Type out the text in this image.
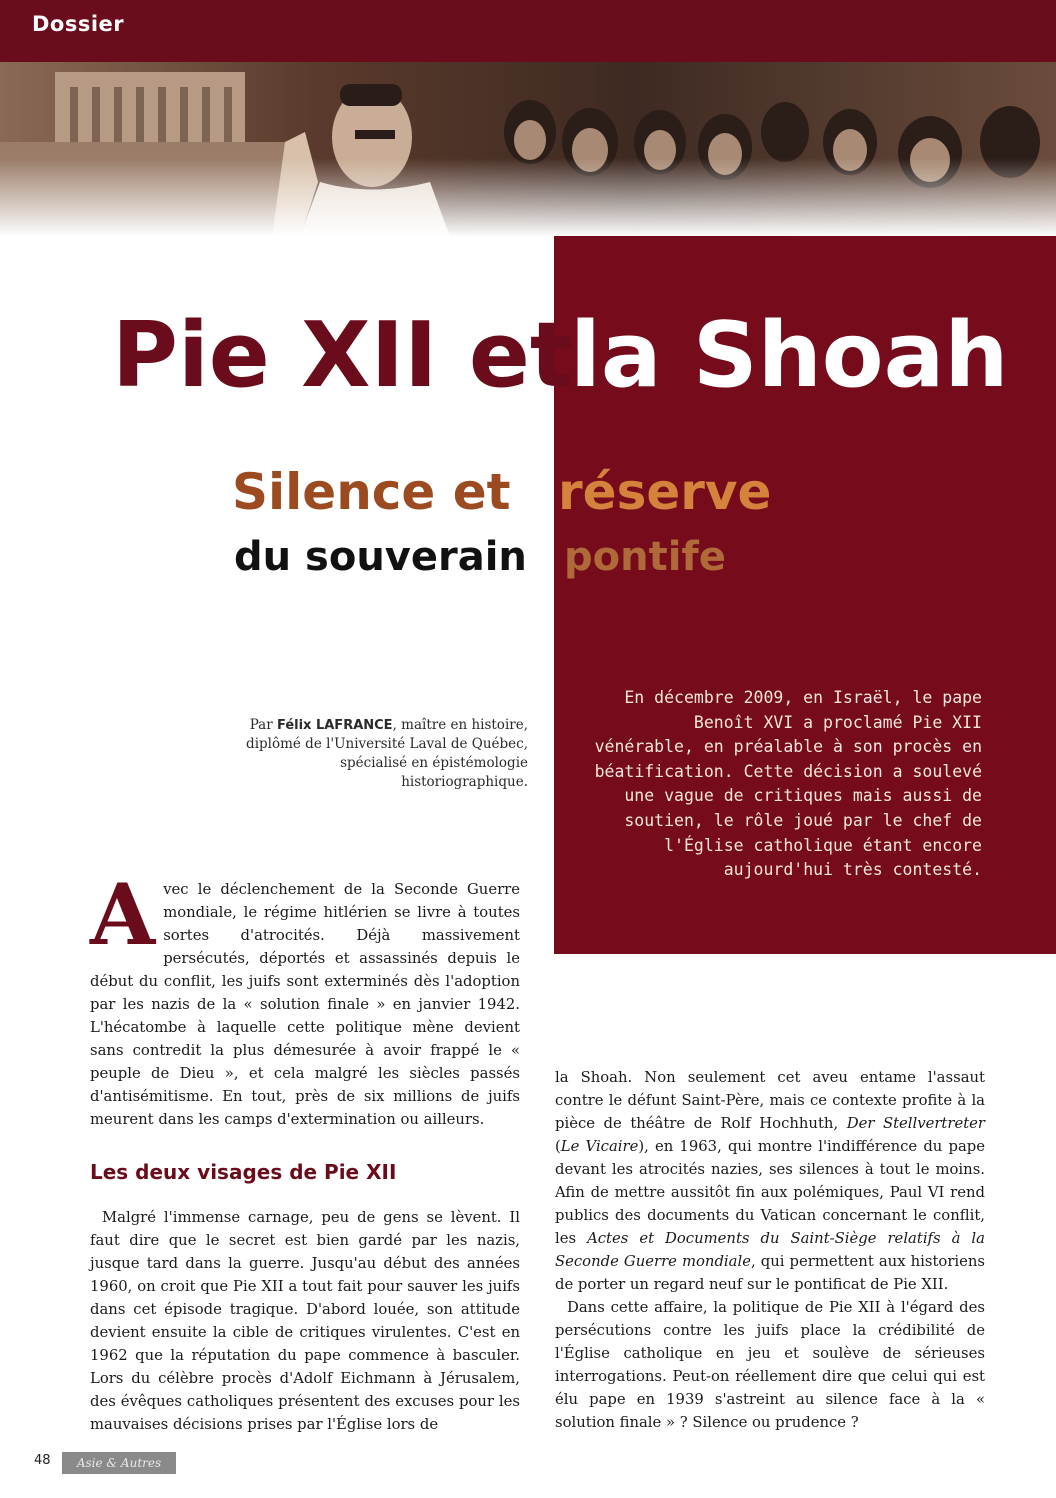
Dossier
Pie XII et
la Shoah
Silence et réserve
du souverain pontife
Par Félix LAFRANCE, maître en histoire, diplômé de l'Université Laval de Québec, spécialisé en épistémologie historiographique.
En décembre 2009, en Israël, le pape Benoît XVI a proclamé Pie XII vénérable, en préalable à son procès en béatification. Cette décision a soulevé une vague de critiques mais aussi de soutien, le rôle joué par le chef de l'Église catholique étant encore aujourd'hui très contesté.

Avec le déclenchement de la Seconde Guerre mondiale, le régime hitlérien se livre à toutes sortes d'atrocités. Déjà massivement persécutés, déportés et assassinés depuis le début du conflit, les juifs sont exterminés dès l'adoption par les nazis de la « solution finale » en janvier 1942. L'hécatombe à laquelle cette politique mène devient sans contredit la plus démesurée à avoir frappé le « peuple de Dieu », et cela malgré les siècles passés d'antisémitisme. En tout, près de six millions de juifs meurent dans les camps d'extermination ou ailleurs.

Les deux visages de Pie XII

Malgré l'immense carnage, peu de gens se lèvent. Il faut dire que le secret est bien gardé par les nazis, jusque tard dans la guerre. Jusqu'au début des années 1960, on croit que Pie XII a tout fait pour sauver les juifs dans cet épisode tragique. D'abord louée, son attitude devient ensuite la cible de critiques virulentes. C'est en 1962 que la réputation du pape commence à basculer. Lors du célèbre procès d'Adolf Eichmann à Jérusalem, des évêques catholiques présentent des excuses pour les mauvaises décisions prises par l'Église lors de

la Shoah. Non seulement cet aveu entame l'assaut contre le défunt Saint-Père, mais ce contexte profite à la pièce de théâtre de Rolf Hochhuth, Der Stellvertreter (Le Vicaire), en 1963, qui montre l'indifférence du pape devant les atrocités nazies, ses silences à tout le moins. Afin de mettre aussitôt fin aux polémiques, Paul VI rend publics des documents du Vatican concernant le conflit, les Actes et Documents du Saint-Siège relatifs à la Seconde Guerre mondiale, qui permettent aux historiens de porter un regard neuf sur le pontificat de Pie XII.

Dans cette affaire, la politique de Pie XII à l'égard des persécutions contre les juifs place la crédibilité de l'Église catholique en jeu et soulève de sérieuses interrogations. Peut-on réellement dire que celui qui est élu pape en 1939 s'astreint au silence face à la « solution finale » ? Silence ou prudence ?

48	Asie & Autres
